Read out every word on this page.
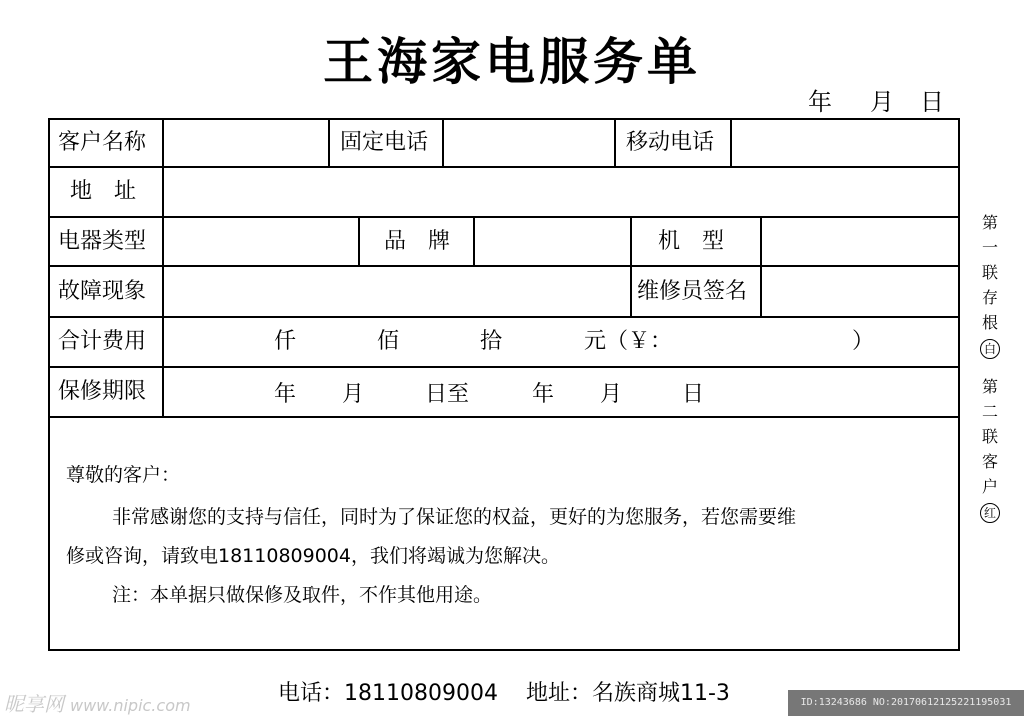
王海家电服务单
年 月 日
客户名称	固定电话	移动电话
地　址
电器类型	品　牌	机　型
故障现象	维修员签名
合计费用	仟	佰	拾	元（￥：	）
保修期限	年 月	日至	年 月	日
尊敬的客户：
非常感谢您的支持与信任，同时为了保证您的权益，更好的为您服务，若您需要维
修或咨询，请致电18110809004，我们将竭诚为您解决。
注：本单据只做保修及取件，不作其他用途。
第
一
联
存
根
白
第
二
联
客
户
红
电话：18110809004 地址：名族商城11-3
昵享网 www.nipic.com	ID:13243686 NO:20170612125221195031
